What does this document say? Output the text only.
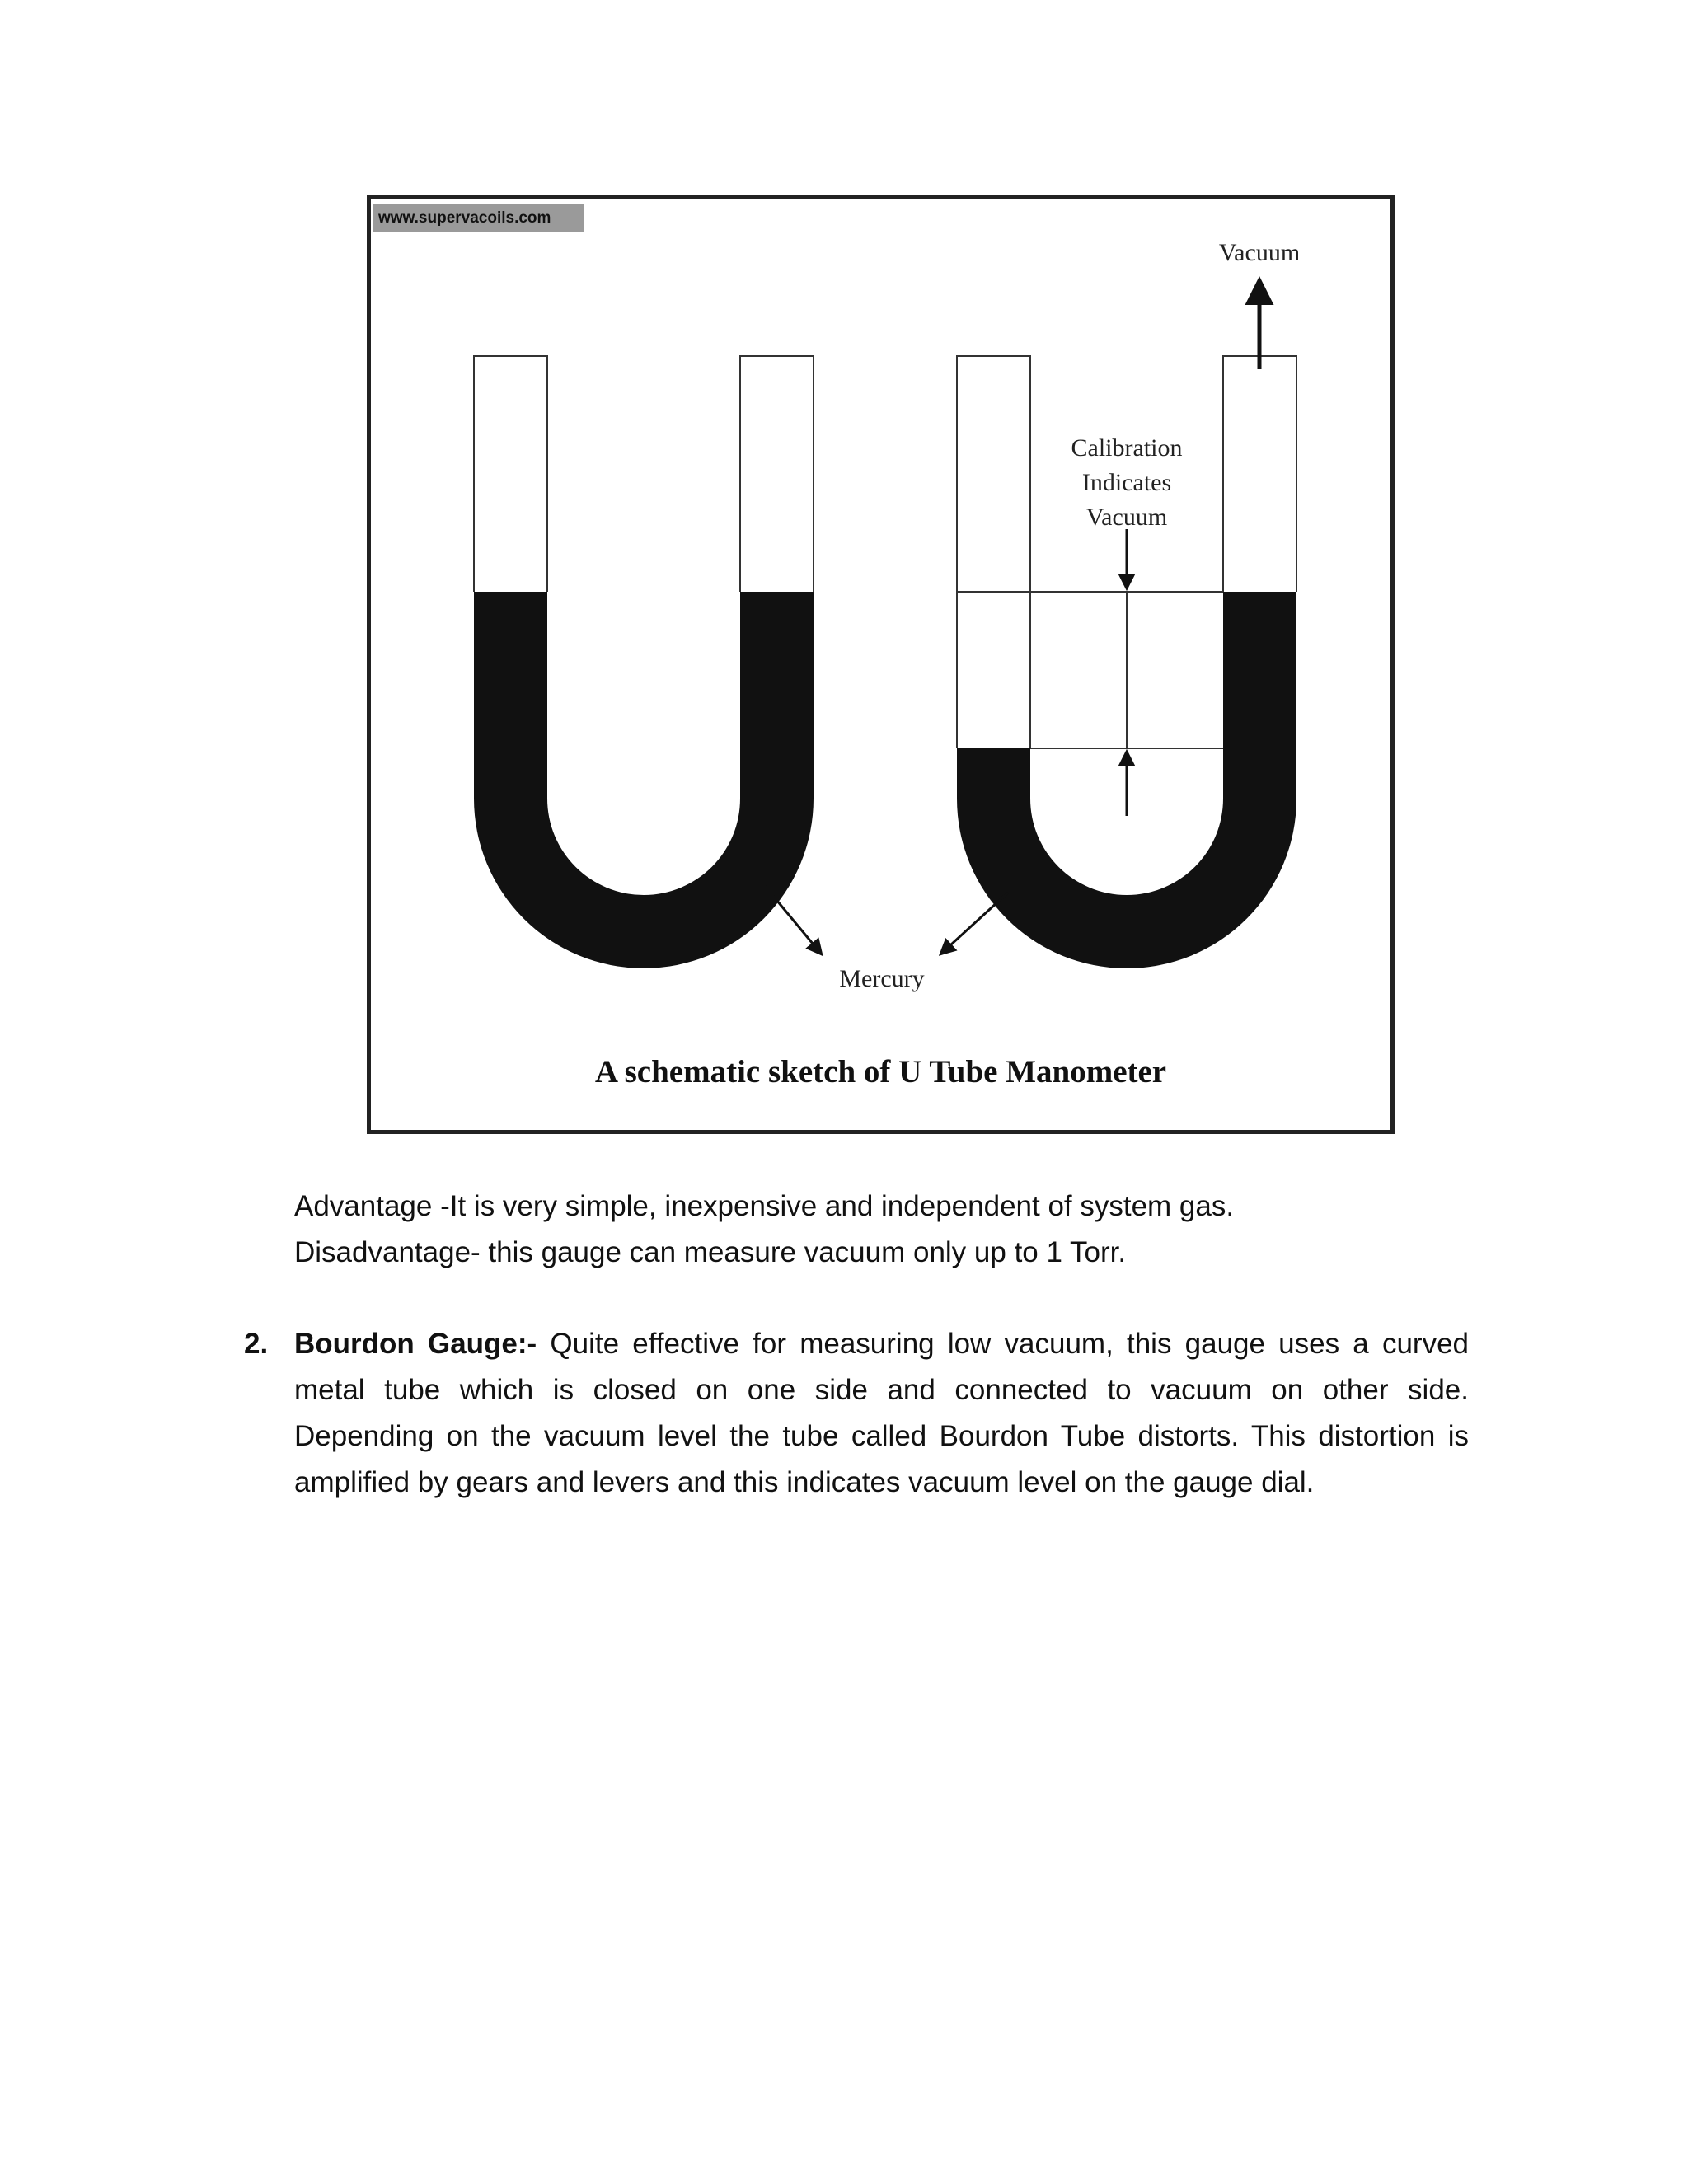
www.supervacoils.com
Vacuum
Calibration
Indicates
Vacuum
Mercury
A schematic sketch of U Tube Manometer
Advantage -It is very simple, inexpensive and independent of system gas.
Disadvantage- this gauge can measure vacuum only up to 1 Torr.
2. Bourdon Gauge:- Quite effective for measuring low vacuum, this gauge uses a curved
metal tube which is closed on one side and connected to vacuum on other side.
Depending on the vacuum level the tube called Bourdon Tube distorts. This distortion is
amplified by gears and levers and this indicates vacuum level on the gauge dial.
